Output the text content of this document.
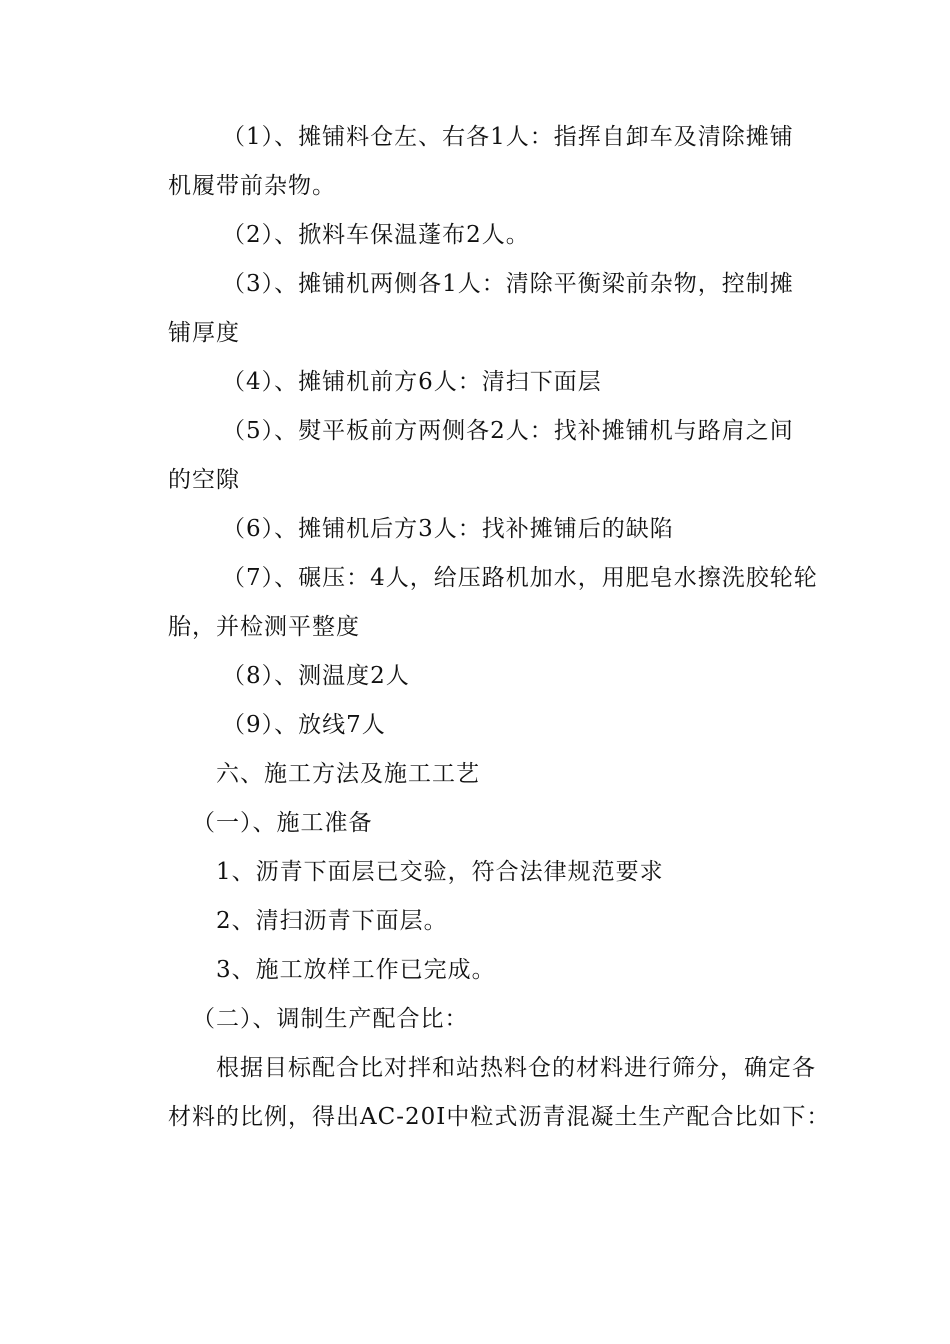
（1）、摊铺料仓左、右各1人：指挥自卸车及清除摊铺
机履带前杂物。
（2）、掀料车保温蓬布2人。
（3）、摊铺机两侧各1人：清除平衡梁前杂物，控制摊
铺厚度
（4）、摊铺机前方6人：清扫下面层
（5）、熨平板前方两侧各2人：找补摊铺机与路肩之间
的空隙
（6）、摊铺机后方3人：找补摊铺后的缺陷
（7）、碾压：4人，给压路机加水，用肥皂水擦洗胶轮轮
胎，并检测平整度
（8）、测温度2人
（9）、放线7人
六、施工方法及施工工艺
（一）、施工准备
1、沥青下面层已交验，符合法律规范要求
2、清扫沥青下面层。
3、施工放样工作已完成。
（二）、调制生产配合比：
根据目标配合比对拌和站热料仓的材料进行筛分，确定各
材料的比例，得出AC-20I中粒式沥青混凝土生产配合比如下：
